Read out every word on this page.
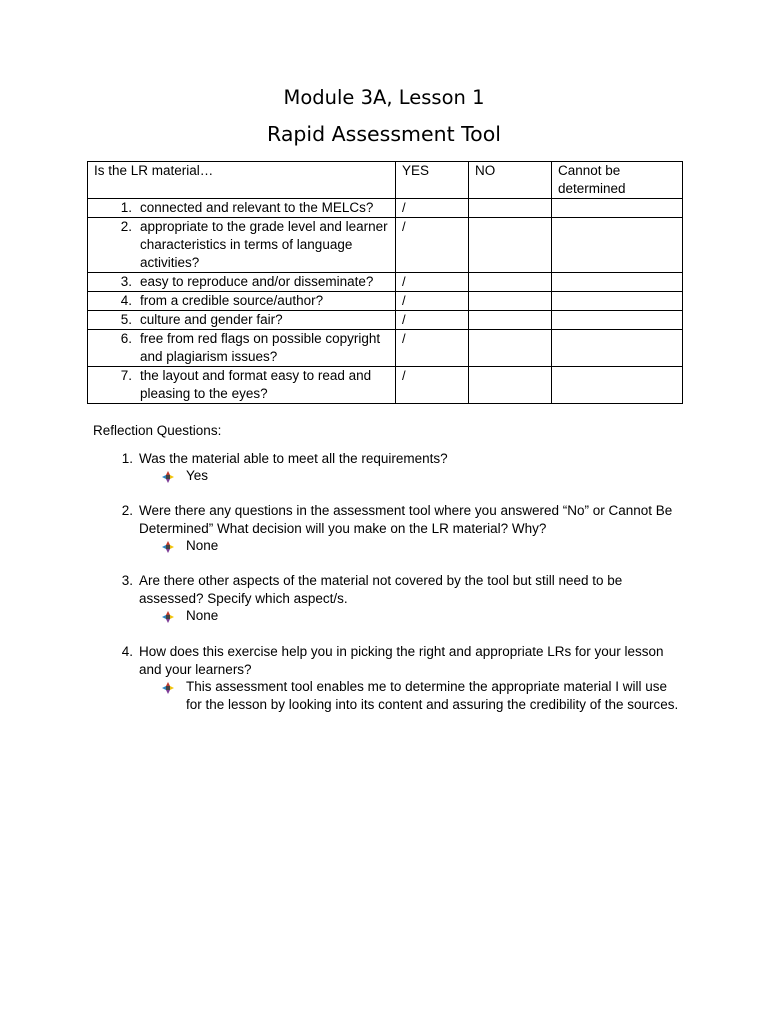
Module 3A, Lesson 1
Rapid Assessment Tool
Is the LR material…	YES	NO	Cannot be determined

1. connected and relevant to the MELCs?	/		

2. appropriate to the grade level and learner characteristics in terms of language activities?	/		

3. easy to reproduce and/or disseminate?	/		

4. from a credible source/author?	/		

5. culture and gender fair?	/		

6. free from red flags on possible copyright and plagiarism issues?	/		

7. the layout and format easy to read and pleasing to the eyes?	/		
Reflection Questions:
1. Was the material able to meet all the requirements?
Yes
2. Were there any questions in the assessment tool where you answered “No” or Cannot Be Determined” What decision will you make on the LR material? Why?
None
3. Are there other aspects of the material not covered by the tool but still need to be assessed? Specify which aspect/s.
None
4. How does this exercise help you in picking the right and appropriate LRs for your lesson and your learners?
This assessment tool enables me to determine the appropriate material I will use for the lesson by looking into its content and assuring the credibility of the sources.
